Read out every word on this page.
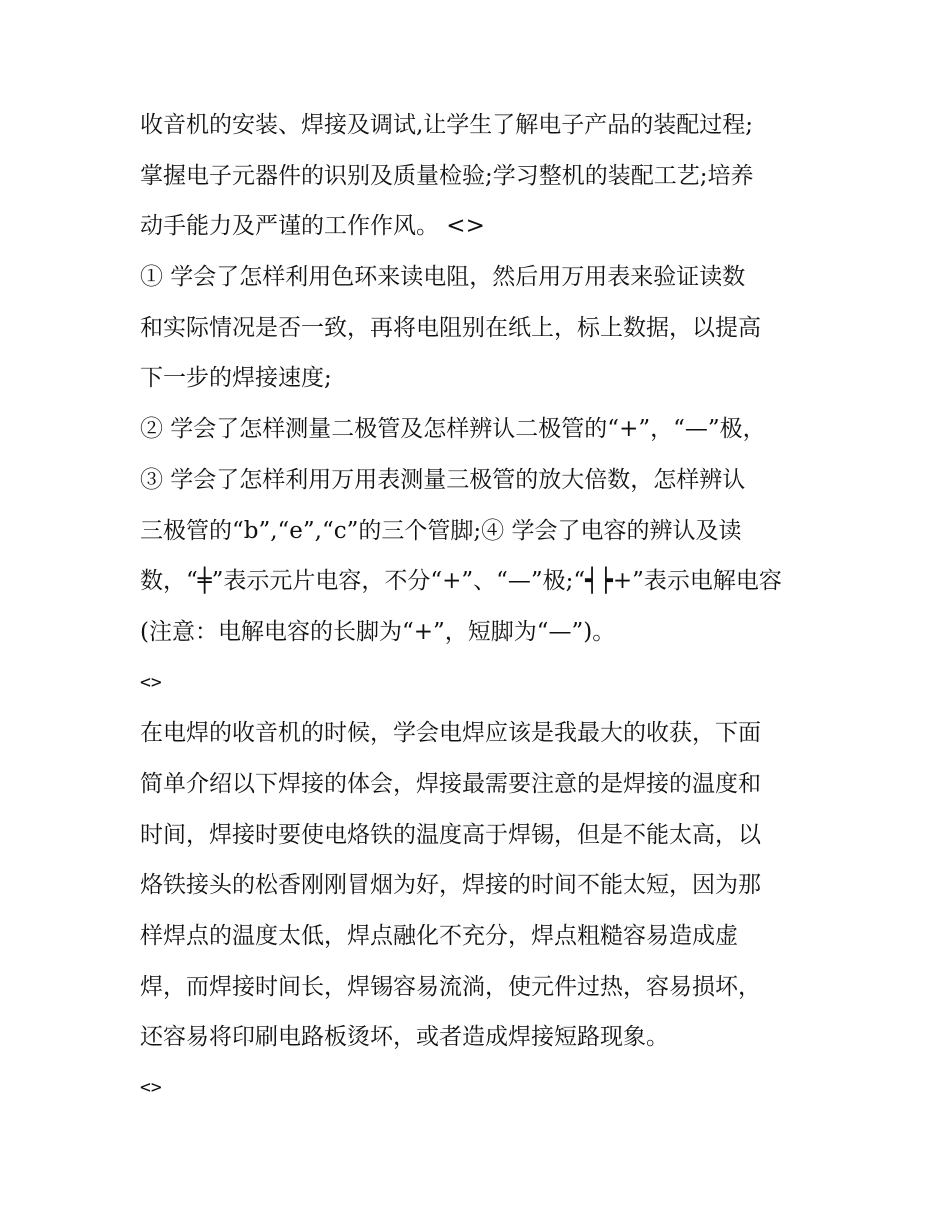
收音机的安装、焊接及调试,让学生了解电子产品的装配过程;
掌握电子元器件的识别及质量检验;学习整机的装配工艺;培养
动手能力及严谨的工作作风。 <>
① 学会了怎样利用色环来读电阻，然后用万用表来验证读数
和实际情况是否一致，再将电阻别在纸上，标上数据，以提高
下一步的焊接速度;
② 学会了怎样测量二极管及怎样辨认二极管的“+”，“—”极，
③ 学会了怎样利用万用表测量三极管的放大倍数，怎样辨认
三极管的“b”,“e”,“c”的三个管脚;④ 学会了电容的辨认及读
数，“╪”表示元片电容，不分“+”、“—”极;“┥┝+”表示电解电容
(注意：电解电容的长脚为“+”，短脚为“—”)。
<>
在电焊的收音机的时候，学会电焊应该是我最大的收获，下面
简单介绍以下焊接的体会，焊接最需要注意的是焊接的温度和
时间，焊接时要使电烙铁的温度高于焊锡，但是不能太高，以
烙铁接头的松香刚刚冒烟为好，焊接的时间不能太短，因为那
样焊点的温度太低，焊点融化不充分，焊点粗糙容易造成虚
焊，而焊接时间长，焊锡容易流淌，使元件过热，容易损坏，
还容易将印刷电路板烫坏，或者造成焊接短路现象。
<>
